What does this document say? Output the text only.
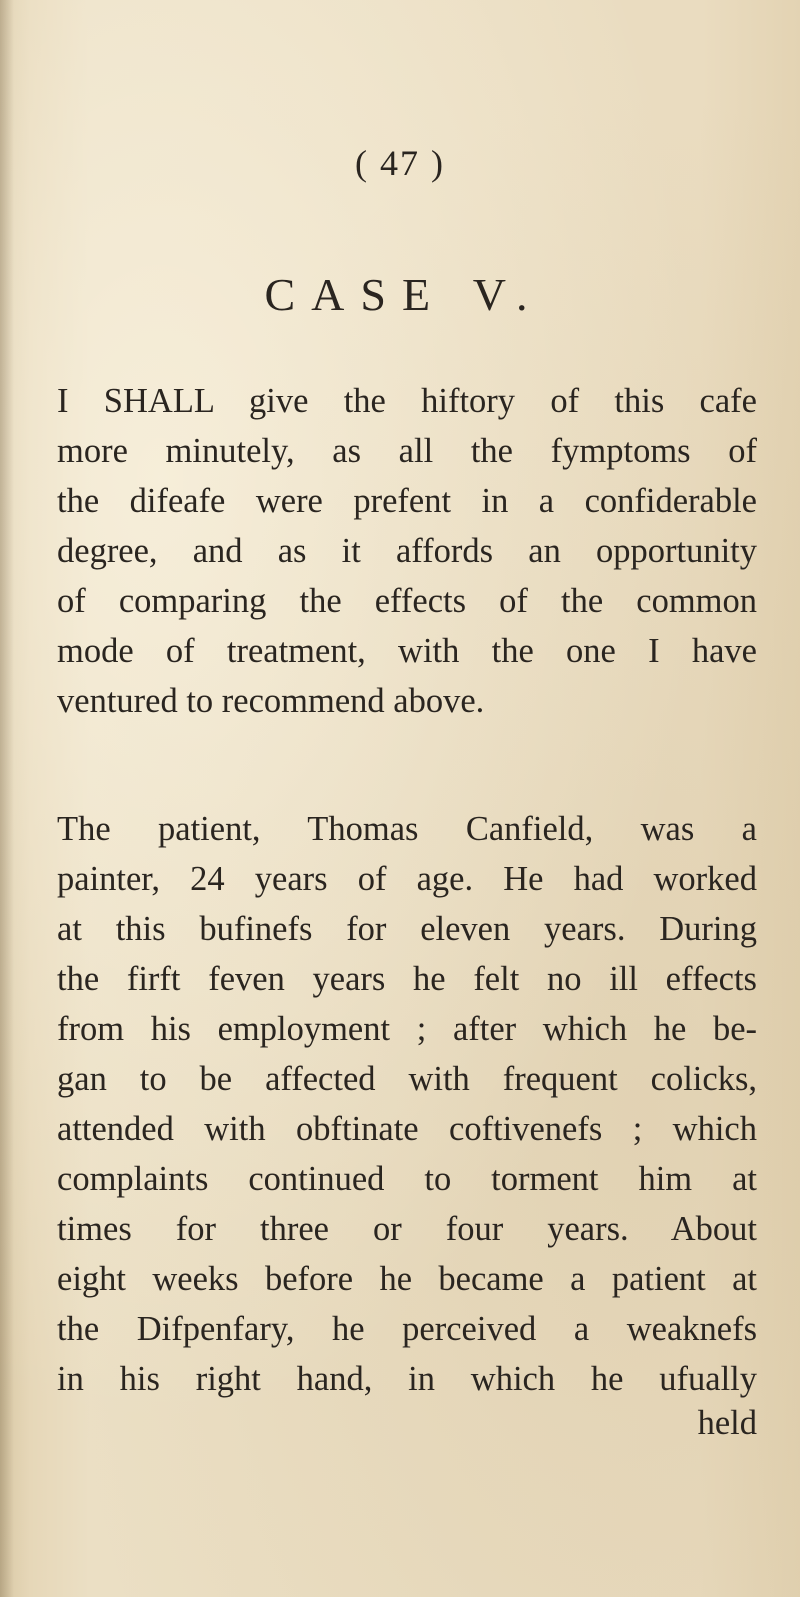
( 47 )
CASE V.
I SHALL give the hiftory of this cafe
more minutely, as all the fymptoms of
the difeafe were prefent in a confiderable
degree, and as it affords an opportunity
of comparing the effects of the common
mode of treatment, with the one I have
ventured to recommend above.
The patient, Thomas Canfield, was a
painter, 24 years of age. He had worked
at this bufinefs for eleven years. During
the firft feven years he felt no ill effects
from his employment ; after which he be-
gan to be affected with frequent colicks,
attended with obftinate coftivenefs ; which
complaints continued to torment him at
times for three or four years. About
eight weeks before he became a patient at
the Difpenfary, he perceived a weaknefs
in his right hand, in which he ufually
held
